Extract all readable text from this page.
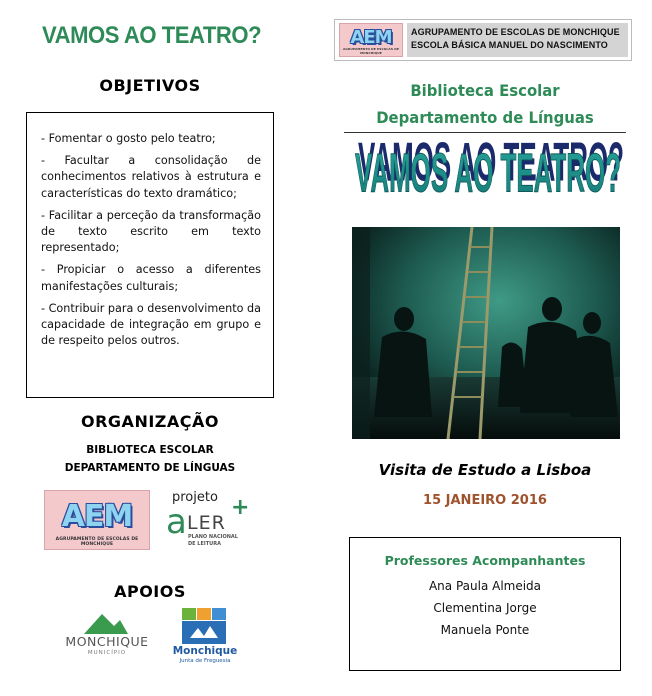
VAMOS AO TEATRO?
OBJETIVOS
- Fomentar o gosto pelo teatro;
- Facultar a consolidação de conhecimentos relativos à estrutura e características do texto dramático;
- Facilitar a perceção da transformação de texto escrito em texto representado;
- Propiciar o acesso a diferentes manifestações culturais;
- Contribuir para o desenvolvimento da capacidade de integração em grupo e de respeito pelos outros.
ORGANIZAÇÃO
BIBLIOTECA ESCOLAR
DEPARTAMENTO DE LÍNGUAS
AEM
AGRUPAMENTO DE ESCOLAS DE MONCHIQUE
projeto
a LER
+
PLANO NACIONAL
DE LEITURA
APOIOS
MONCHIQUE
MUNICÍPIO	Monchique
Junta de Freguesia
AEM
AGRUPAMENTO DE ESCOLAS DE MONCHIQUE
AGRUPAMENTO DE ESCOLAS DE MONCHIQUE
ESCOLA BÁSICA MANUEL DO NASCIMENTO
Biblioteca Escolar
Departamento de Línguas
VAMOS AO TEATRO?
VAMOS AO TEATRO?
Visita de Estudo a Lisboa
15 JANEIRO 2016
Professores Acompanhantes
Ana Paula Almeida
Clementina Jorge
Manuela Ponte
